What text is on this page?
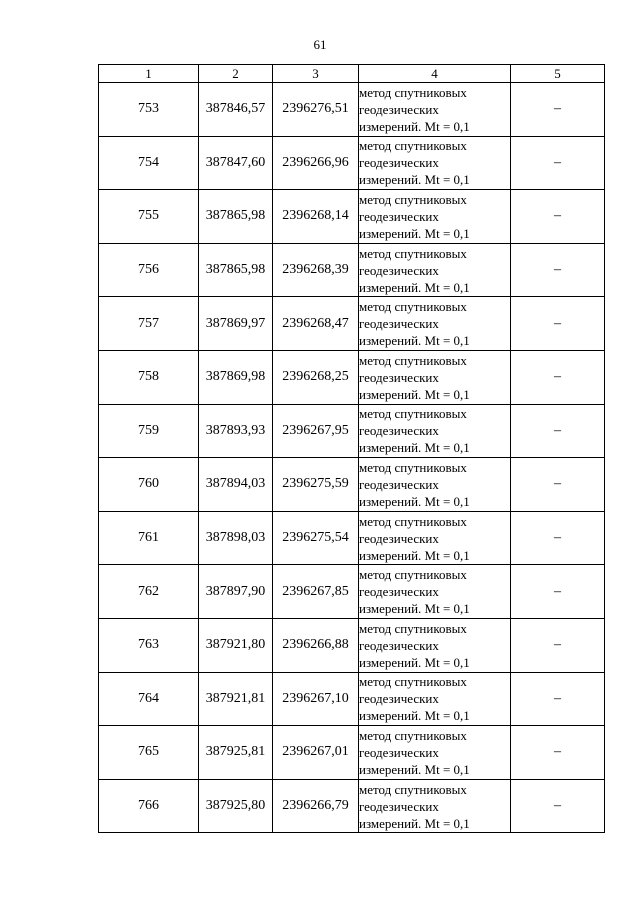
61
1	2	3	4	5
753	387846,57	2396276,51	метод спутниковых
геодезических
измерений. Mt = 0,1	–
754	387847,60	2396266,96	метод спутниковых
геодезических
измерений. Mt = 0,1	–
755	387865,98	2396268,14	метод спутниковых
геодезических
измерений. Mt = 0,1	–
756	387865,98	2396268,39	метод спутниковых
геодезических
измерений. Mt = 0,1	–
757	387869,97	2396268,47	метод спутниковых
геодезических
измерений. Mt = 0,1	–
758	387869,98	2396268,25	метод спутниковых
геодезических
измерений. Mt = 0,1	–
759	387893,93	2396267,95	метод спутниковых
геодезических
измерений. Mt = 0,1	–
760	387894,03	2396275,59	метод спутниковых
геодезических
измерений. Mt = 0,1	–
761	387898,03	2396275,54	метод спутниковых
геодезических
измерений. Mt = 0,1	–
762	387897,90	2396267,85	метод спутниковых
геодезических
измерений. Mt = 0,1	–
763	387921,80	2396266,88	метод спутниковых
геодезических
измерений. Mt = 0,1	–
764	387921,81	2396267,10	метод спутниковых
геодезических
измерений. Mt = 0,1	–
765	387925,81	2396267,01	метод спутниковых
геодезических
измерений. Mt = 0,1	–
766	387925,80	2396266,79	метод спутниковых
геодезических
измерений. Mt = 0,1	–
